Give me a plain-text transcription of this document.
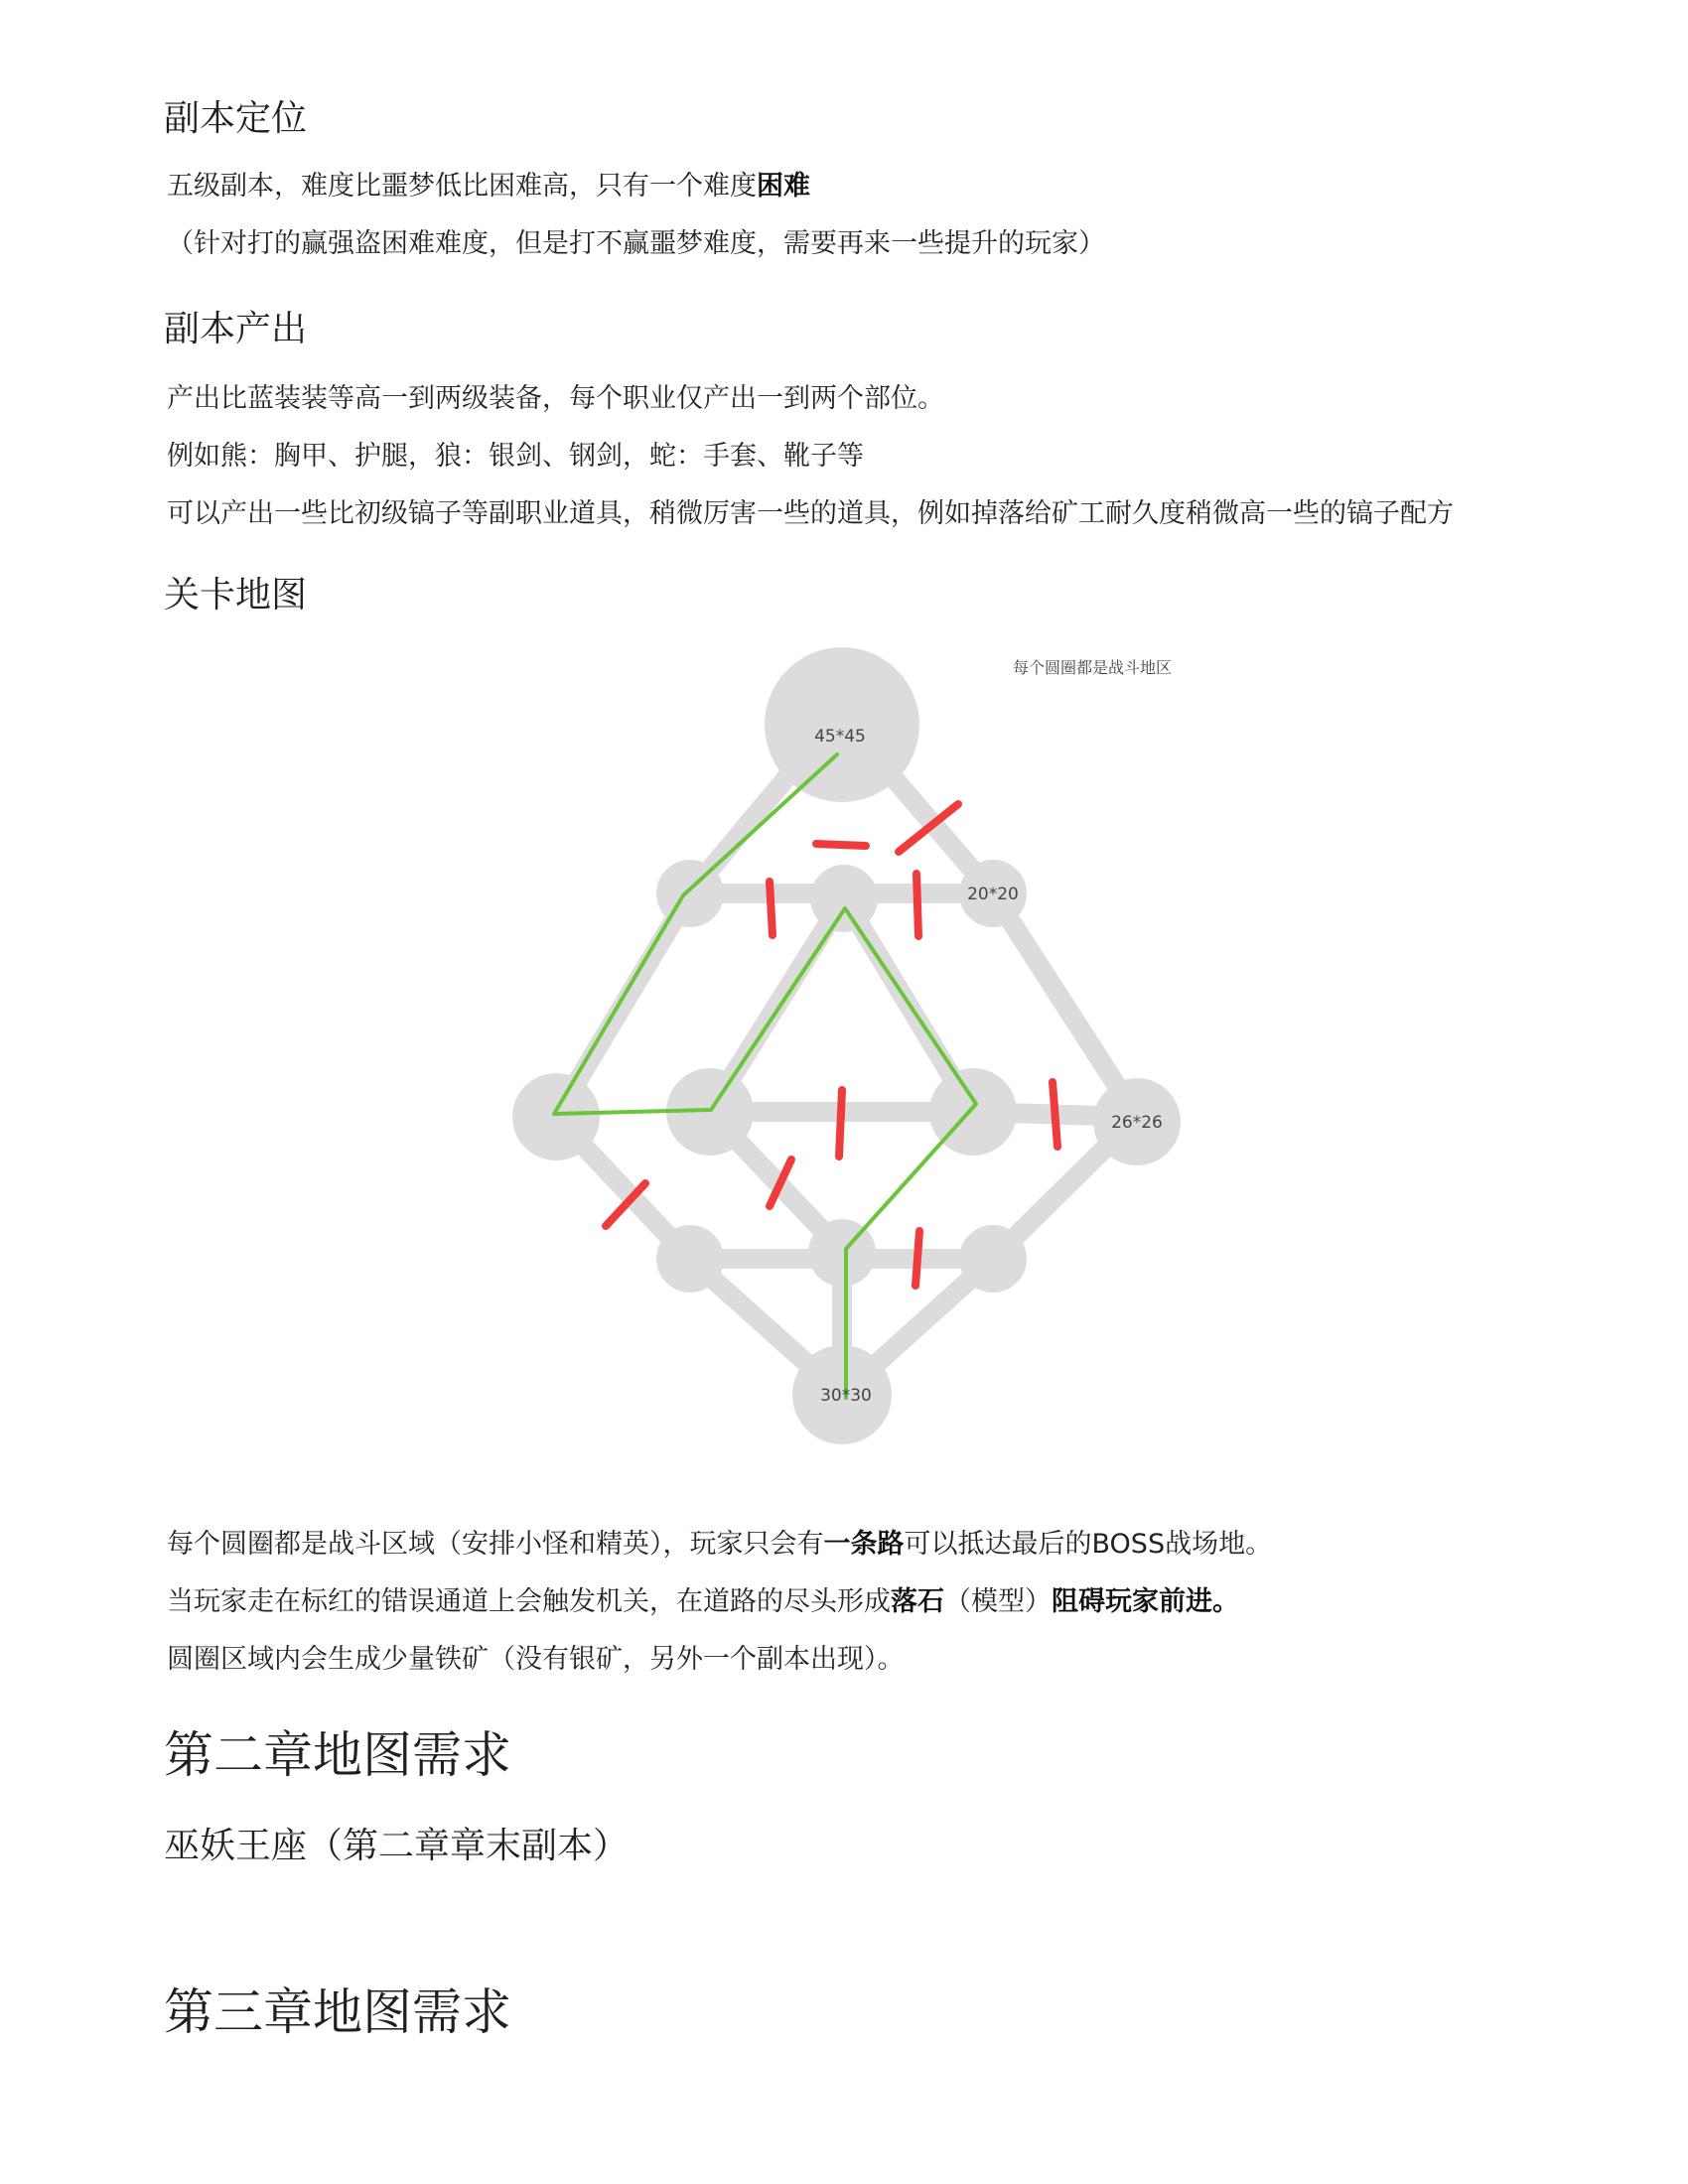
副本定位

五级副本，难度比噩梦低比困难高，只有一个难度困难

（针对打的赢强盗困难难度，但是打不赢噩梦难度，需要再来一些提升的玩家）

副本产出

产出比蓝装装等高一到两级装备，每个职业仅产出一到两个部位。

例如熊：胸甲、护腿，狼：银剑、钢剑，蛇：手套、靴子等

可以产出一些比初级镐子等副职业道具，稍微厉害一些的道具，例如掉落给矿工耐久度稍微高一些的镐子配方

关卡地图
45*45
20*20
26*26
30*30
每个圆圈都是战斗地区

每个圆圈都是战斗区域（安排小怪和精英），玩家只会有一条路可以抵达最后的BOSS战场地。

当玩家走在标红的错误通道上会触发机关，在道路的尽头形成落石（模型）阻碍玩家前进。

圆圈区域内会生成少量铁矿（没有银矿，另外一个副本出现）。

第二章地图需求
巫妖王座（第二章章末副本）
第三章地图需求
